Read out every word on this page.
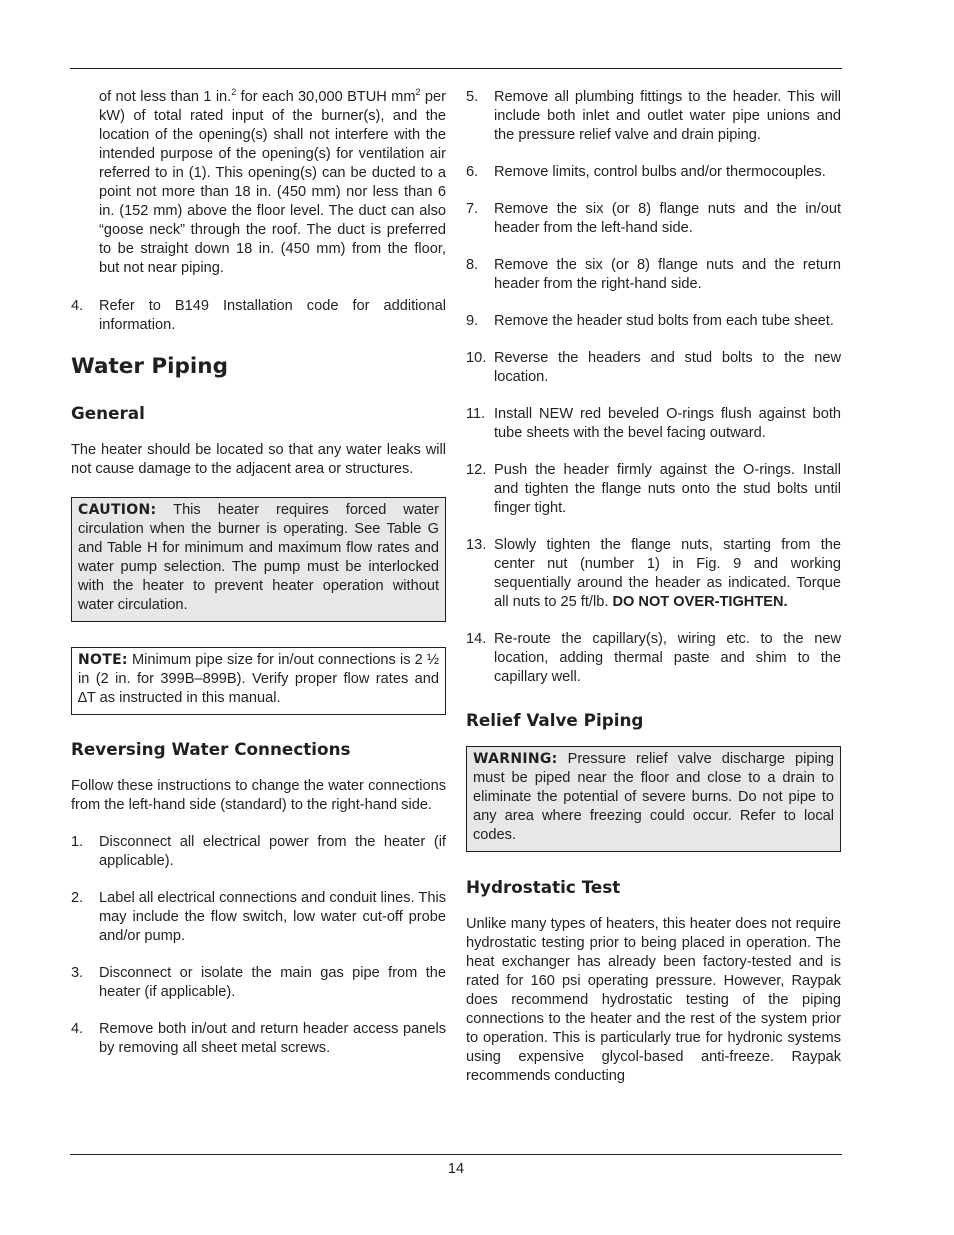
of not less than 1 in.$^2$ for each 30,000 BTUH $mm^2$ per kW) of total rated input of the burner(s), and the location of the opening(s) shall not interfere with the intended purpose of the opening(s) for ventilation air referred to in (1). This opening(s) can be ducted to a point not more than 18 in. (450 mm) nor less than 6 in. (152 mm) above the floor level. The duct can also “goose neck” through the roof. The duct is preferred to be straight down 18 in. (450 mm) from the floor, but not near piping.

4.	Refer to B149 Installation code for additional information.
Water Piping
General

The heater should be located so that any water leaks will not cause damage to the adjacent area or structures.

CAUTION: This heater requires forced water circulation when the burner is operating. See Table G and Table H for minimum and maximum flow rates and water pump selection. The pump must be interlocked with the heater to prevent heater operation without water circulation.
NOTE: Minimum pipe size for in/out connections is 2 ½ in (2 in. for 399B–899B). Verify proper flow rates and ∆T as instructed in this manual.
Reversing Water Connections

Follow these instructions to change the water connections from the left-hand side (standard) to the right-hand side.

1.	Disconnect all electrical power from the heater (if applicable).
2.	Label all electrical connections and conduit lines. This may include the flow switch, low water cut-off probe and/or pump.
3.	Disconnect or isolate the main gas pipe from the heater (if applicable).
4.	Remove both in/out and return header access panels by removing all sheet metal screws.
5.	Remove all plumbing fittings to the header. This will include both inlet and outlet water pipe unions and the pressure relief valve and drain piping.
6.	Remove limits, control bulbs and/or thermocouples.
7.	Remove the six (or 8) flange nuts and the in/out header from the left-hand side.
8.	Remove the six (or 8) flange nuts and the return header from the right-hand side.
9.	Remove the header stud bolts from each tube sheet.
10. Reverse the headers and stud bolts to the new location.
11. Install NEW red beveled O-rings flush against both tube sheets with the bevel facing outward.
12. Push the header firmly against the O-rings. Install and tighten the flange nuts onto the stud bolts until finger tight.
13. Slowly tighten the flange nuts, starting from the center nut (number 1) in Fig. 9 and working sequentially around the header as indicated. Torque all nuts to 25 ft/lb. DO NOT OVER-TIGHTEN.
14. Re-route the capillary(s), wiring etc. to the new location, adding thermal paste and shim to the capillary well.
Relief Valve Piping
WARNING: Pressure relief valve discharge piping must be piped near the floor and close to a drain to eliminate the potential of severe burns. Do not pipe to any area where freezing could occur. Refer to local codes.
Hydrostatic Test

Unlike many types of heaters, this heater does not require hydrostatic testing prior to being placed in operation. The heat exchanger has already been factory-tested and is rated for 160 psi operating pressure. However, Raypak does recommend hydrostatic testing of the piping connections to the heater and the rest of the system prior to operation. This is particularly true for hydronic systems using expensive glycol-based anti-freeze. Raypak recommends conducting

14
